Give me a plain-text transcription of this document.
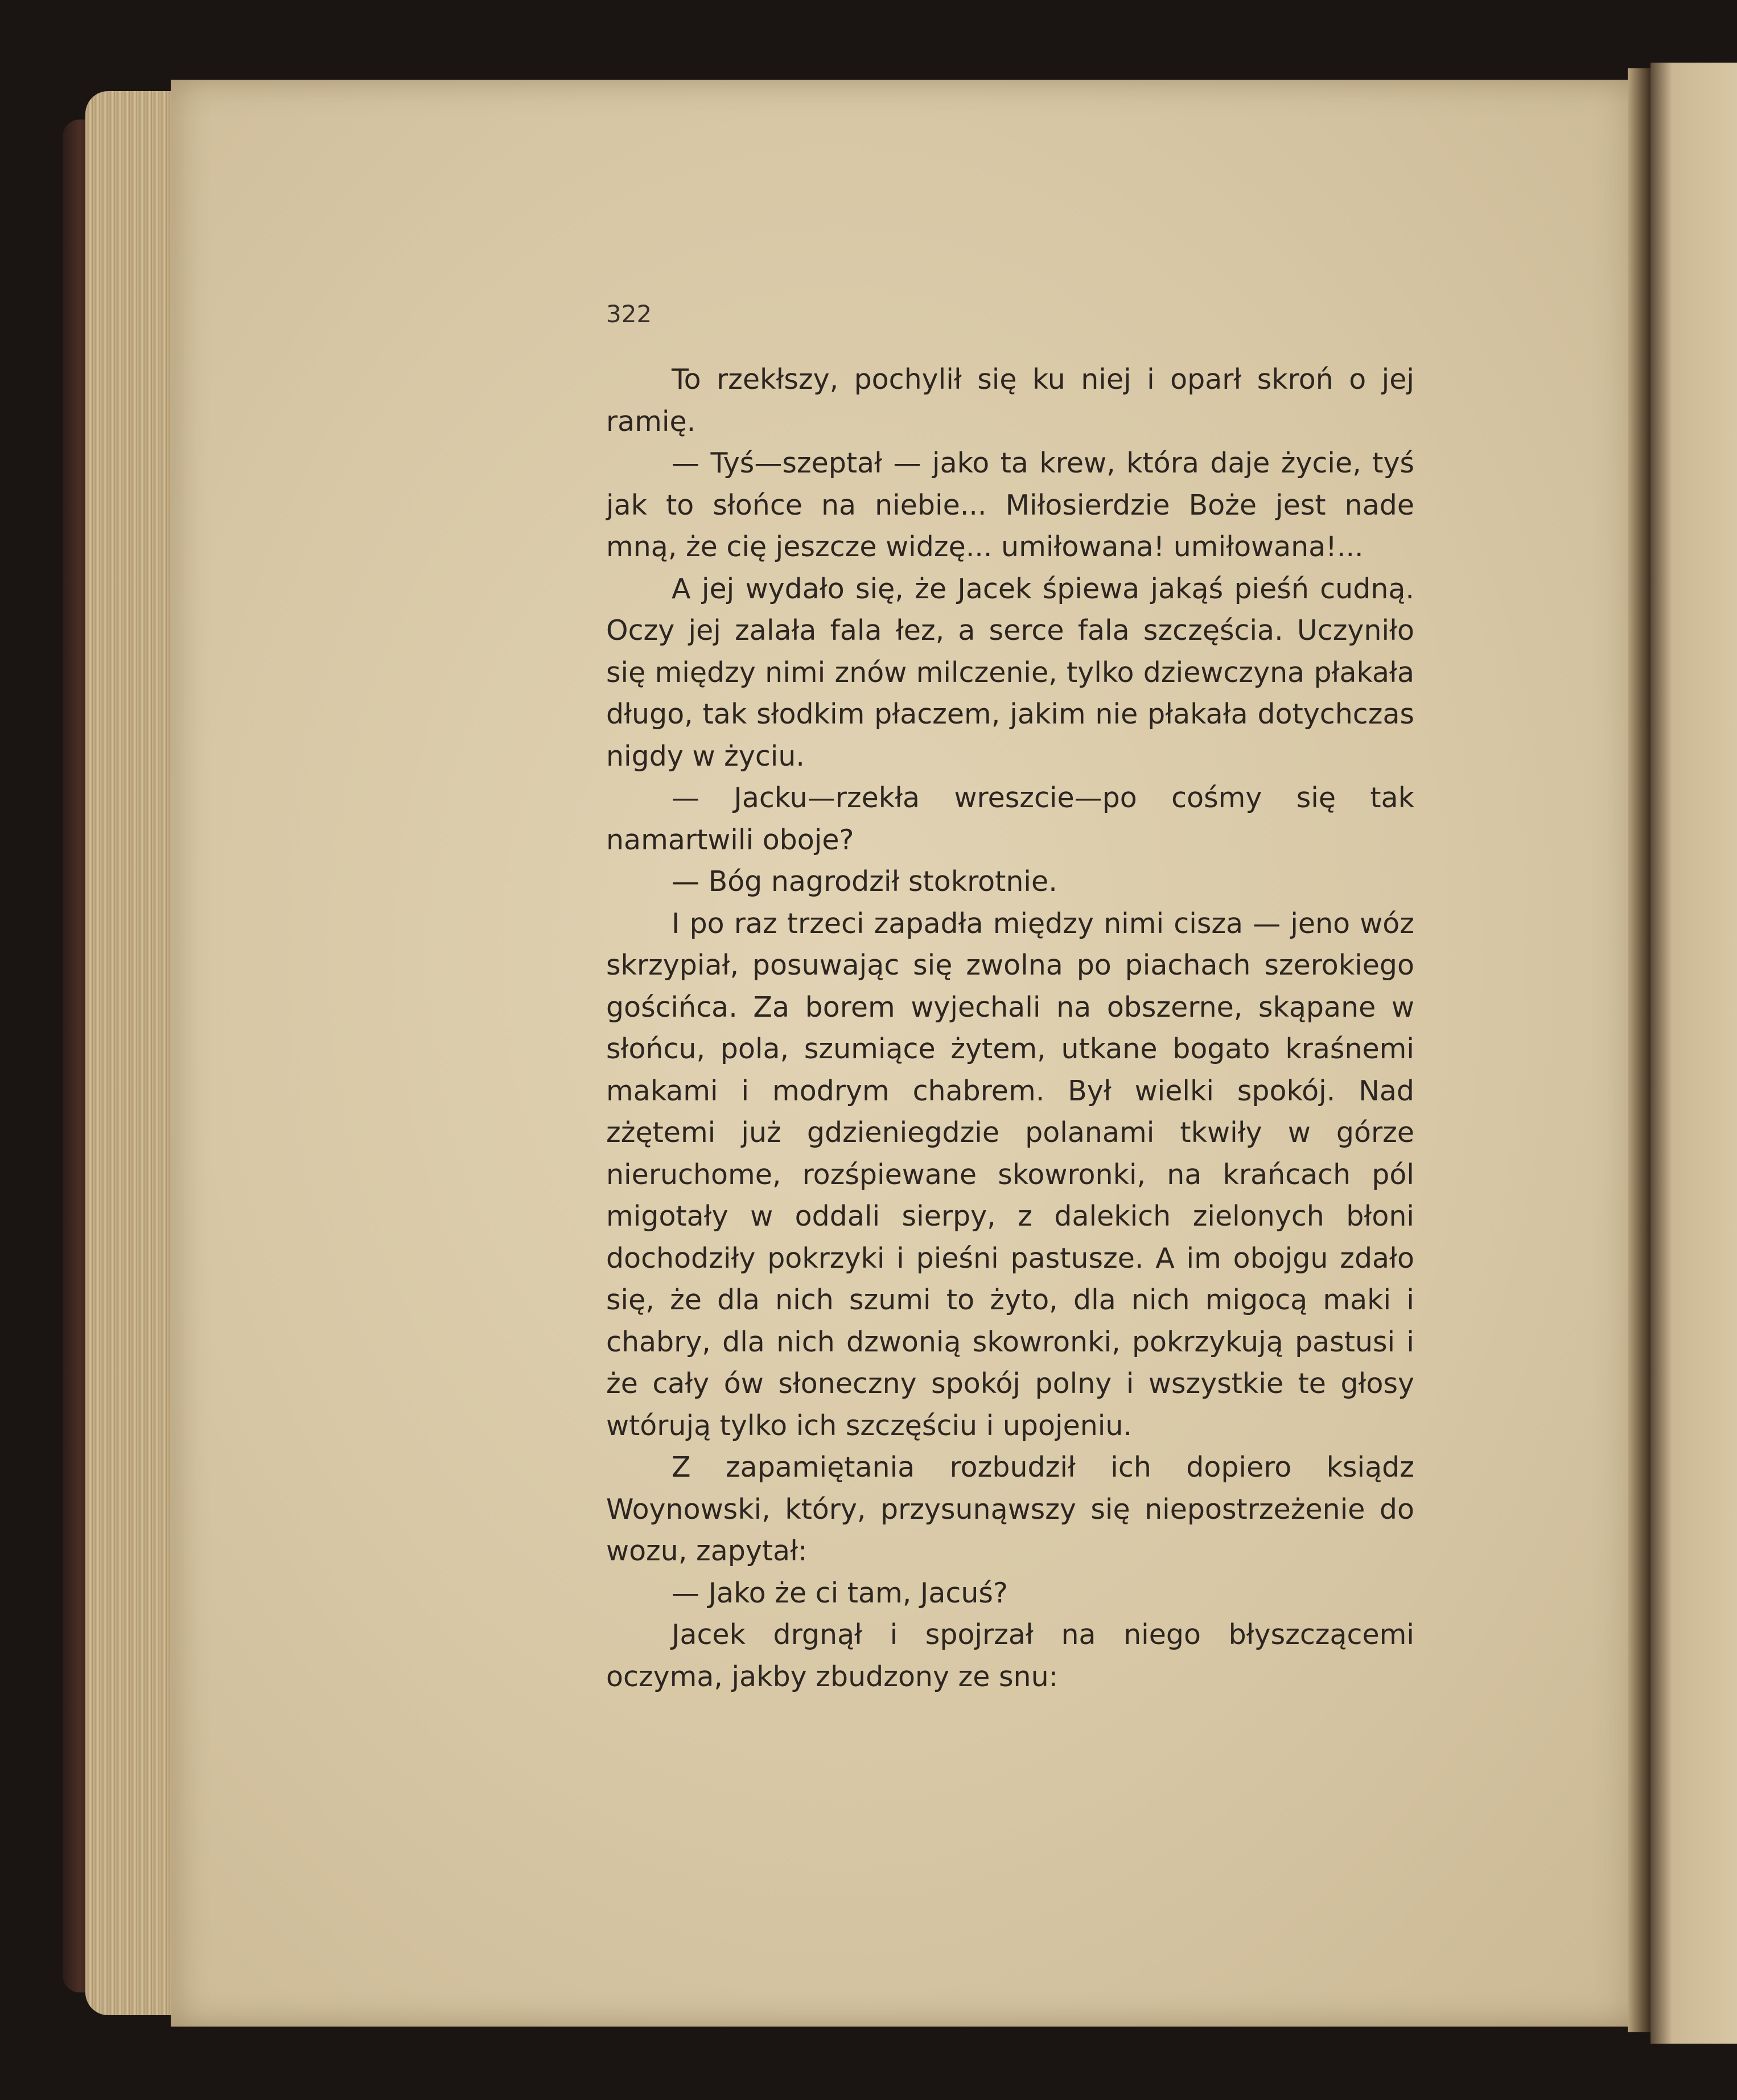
322

To rzekłszy, pochylił się ku niej i oparł skroń o jej ramię.

— Tyś—szeptał — jako ta krew, która daje życie, tyś jak to słońce na niebie... Miłosierdzie Boże jest nade mną, że cię jeszcze widzę... umiłowana! umiłowana!...

A jej wydało się, że Jacek śpiewa jakąś pieśń cudną. Oczy jej zalała fala łez, a serce fala szczęścia. Uczyniło się między nimi znów milczenie, tylko dziewczyna płakała długo, tak słodkim płaczem, jakim nie płakała dotychczas nigdy w życiu.

— Jacku—rzekła wreszcie—po cośmy się tak namartwili oboje?

— Bóg nagrodził stokrotnie.

I po raz trzeci zapadła między nimi cisza — jeno wóz skrzypiał, posuwając się zwolna po piachach szerokiego gościńca. Za borem wyjechali na obszerne, skąpane w słońcu, pola, szumiące żytem, utkane bogato kraśnemi makami i modrym chabrem. Był wielki spokój. Nad zżętemi już gdzieniegdzie polanami tkwiły w górze nieruchome, rozśpiewane skowronki, na krańcach pól migotały w oddali sierpy, z dalekich zielonych błoni dochodziły pokrzyki i pieśni pastusze. A im obojgu zdało się, że dla nich szumi to żyto, dla nich migocą maki i chabry, dla nich dzwonią skowronki, pokrzykują pastusi i że cały ów słoneczny spokój polny i wszystkie te głosy wtórują tylko ich szczęściu i upojeniu.

Z zapamiętania rozbudził ich dopiero ksiądz Woynowski, który, przysunąwszy się niepostrzeżenie do wozu, zapytał:

— Jako że ci tam, Jacuś?

Jacek drgnął i spojrzał na niego błyszczącemi oczyma, jakby zbudzony ze snu:
